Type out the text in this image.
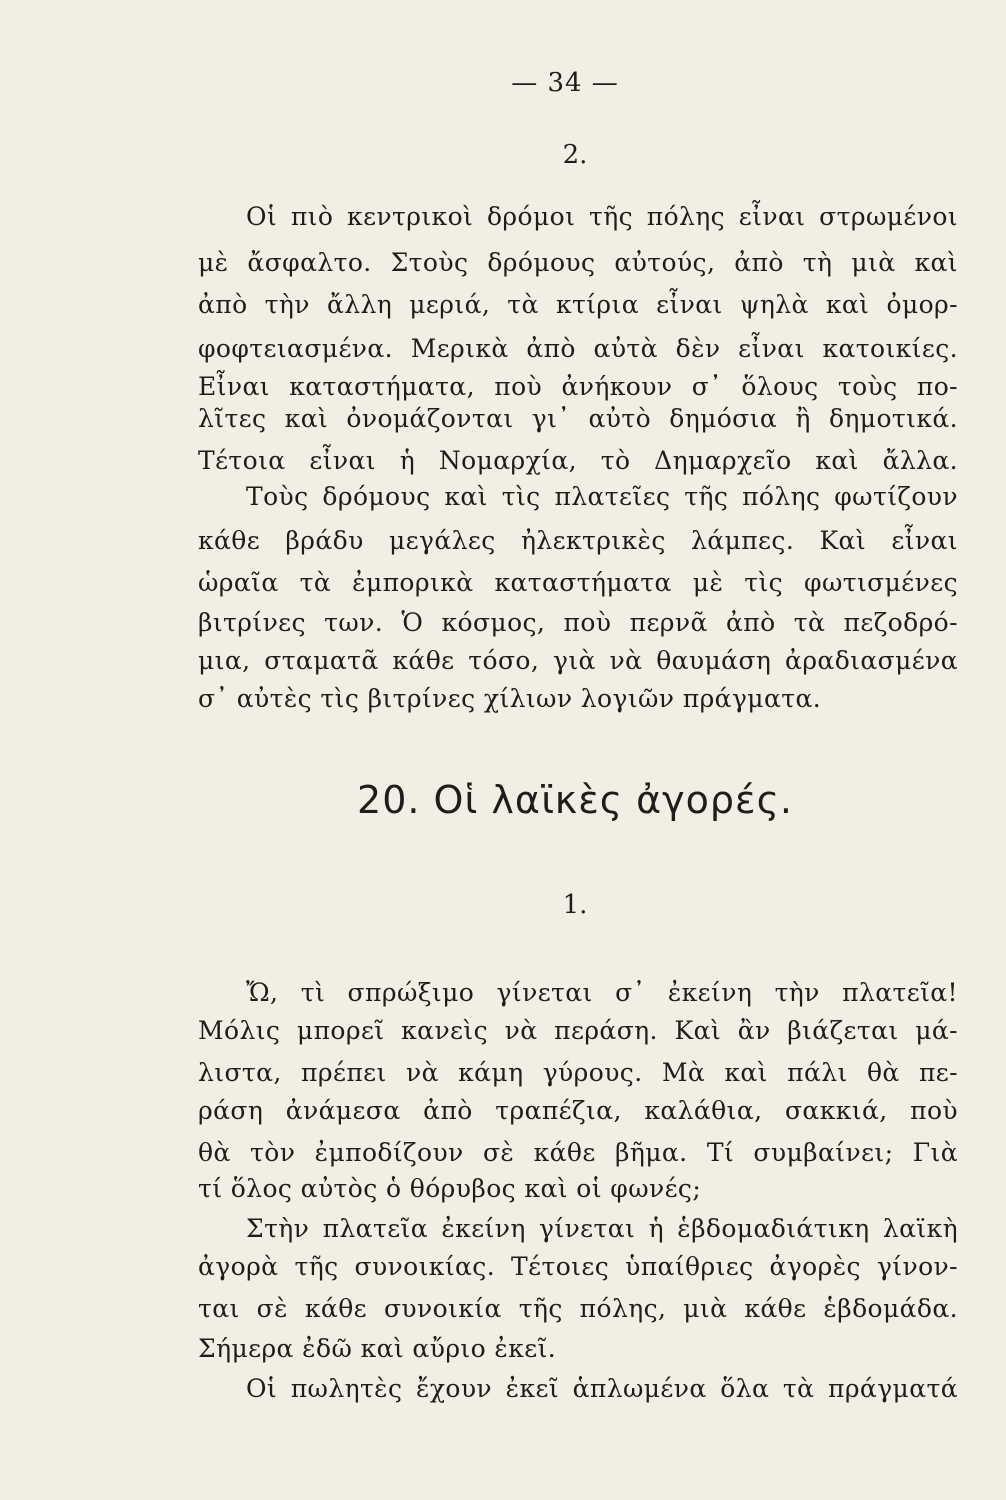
— 34 —
2.
Οἱ πιὸ κεντρικοὶ δρόμοι τῆς πόλης εἶναι στρωμένοι
μὲ ἄσφαλτο. Στοὺς δρόμους αὐτούς, ἀπὸ τὴ μιὰ καὶ
ἀπὸ τὴν ἄλλη μεριά, τὰ κτίρια εἶναι ψηλὰ καὶ ὀμορ-
φοφτειασμένα. Μερικὰ ἀπὸ αὐτὰ δὲν εἶναι κατοικίες.
Εἶναι καταστήματα, ποὺ ἀνήκουν σ᾽ ὅλους τοὺς πο-
λῖτες καὶ ὀνομάζονται γι᾽ αὐτὸ δημόσια ἢ δημοτικά.
Τέτοια εἶναι ἡ Νομαρχία, τὸ Δημαρχεῖο καὶ ἄλλα.
Τοὺς δρόμους καὶ τὶς πλατεῖες τῆς πόλης φωτίζουν
κάθε βράδυ μεγάλες ἠλεκτρικὲς λάμπες. Καὶ εἶναι
ὡραῖα τὰ ἐμπορικὰ καταστήματα μὲ τὶς φωτισμένες
βιτρίνες των. Ὁ κόσμος, ποὺ περνᾶ ἀπὸ τὰ πεζοδρό-
μια, σταματᾶ κάθε τόσο, γιὰ νὰ θαυμάση ἀραδιασμένα
σ᾽ αὐτὲς τὶς βιτρίνες χίλιων λογιῶν πράγματα.
20. Οἱ λαϊκὲς ἀγορές.
1.
Ὤ, τὶ σπρώξιμο γίνεται σ᾽ ἐκείνη τὴν πλατεῖα!
Μόλις μπορεῖ κανεὶς νὰ περάση. Καὶ ἂν βιάζεται μά-
λιστα, πρέπει νὰ κάμη γύρους. Μὰ καὶ πάλι θὰ πε-
ράση ἀνάμεσα ἀπὸ τραπέζια, καλάθια, σακκιά, ποὺ
θὰ τὸν ἐμποδίζουν σὲ κάθε βῆμα. Τί συμβαίνει; Γιὰ
τί ὅλος αὐτὸς ὁ θόρυβος καὶ οἱ φωνές;
Στὴν πλατεῖα ἐκείνη γίνεται ἡ ἑβδομαδιάτικη λαϊκὴ
ἀγορὰ τῆς συνοικίας. Τέτοιες ὑπαίθριες ἀγορὲς γίνον-
ται σὲ κάθε συνοικία τῆς πόλης, μιὰ κάθε ἑβδομάδα.
Σήμερα ἐδῶ καὶ αὔριο ἐκεῖ.
Οἱ πωλητὲς ἔχουν ἐκεῖ ἁπλωμένα ὅλα τὰ πράγματά
